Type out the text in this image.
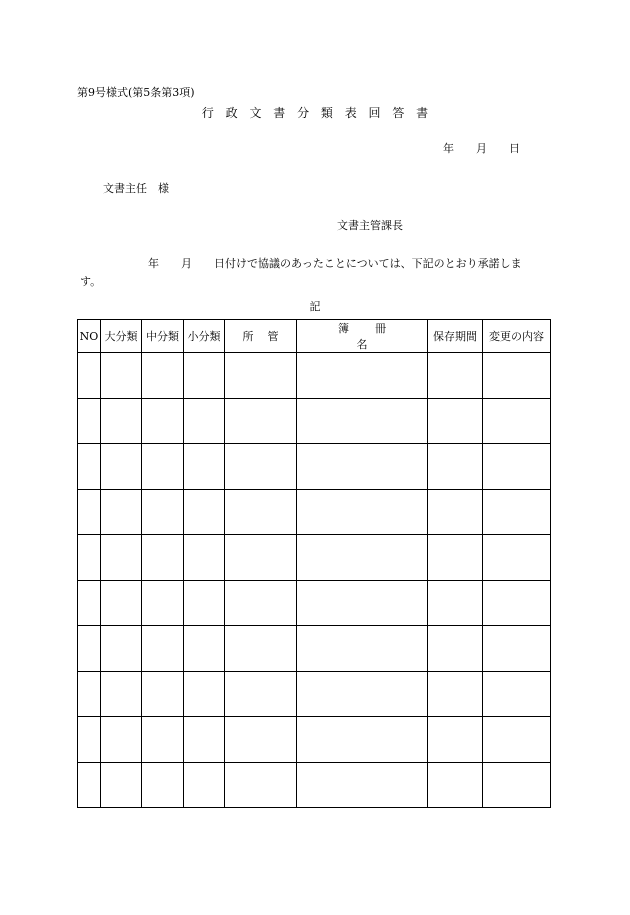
第9号様式(第5条第3項)
行 政 文 書 分 類 表 回 答 書
年 月 日
文書主任　様
文書主管課長
年 月 日付けで協議のあったことについては、下記のとおり承諾しま
す。
記
NO	大分類	中分類	小分類	所管	簿冊名	保存期間	変更の内容
